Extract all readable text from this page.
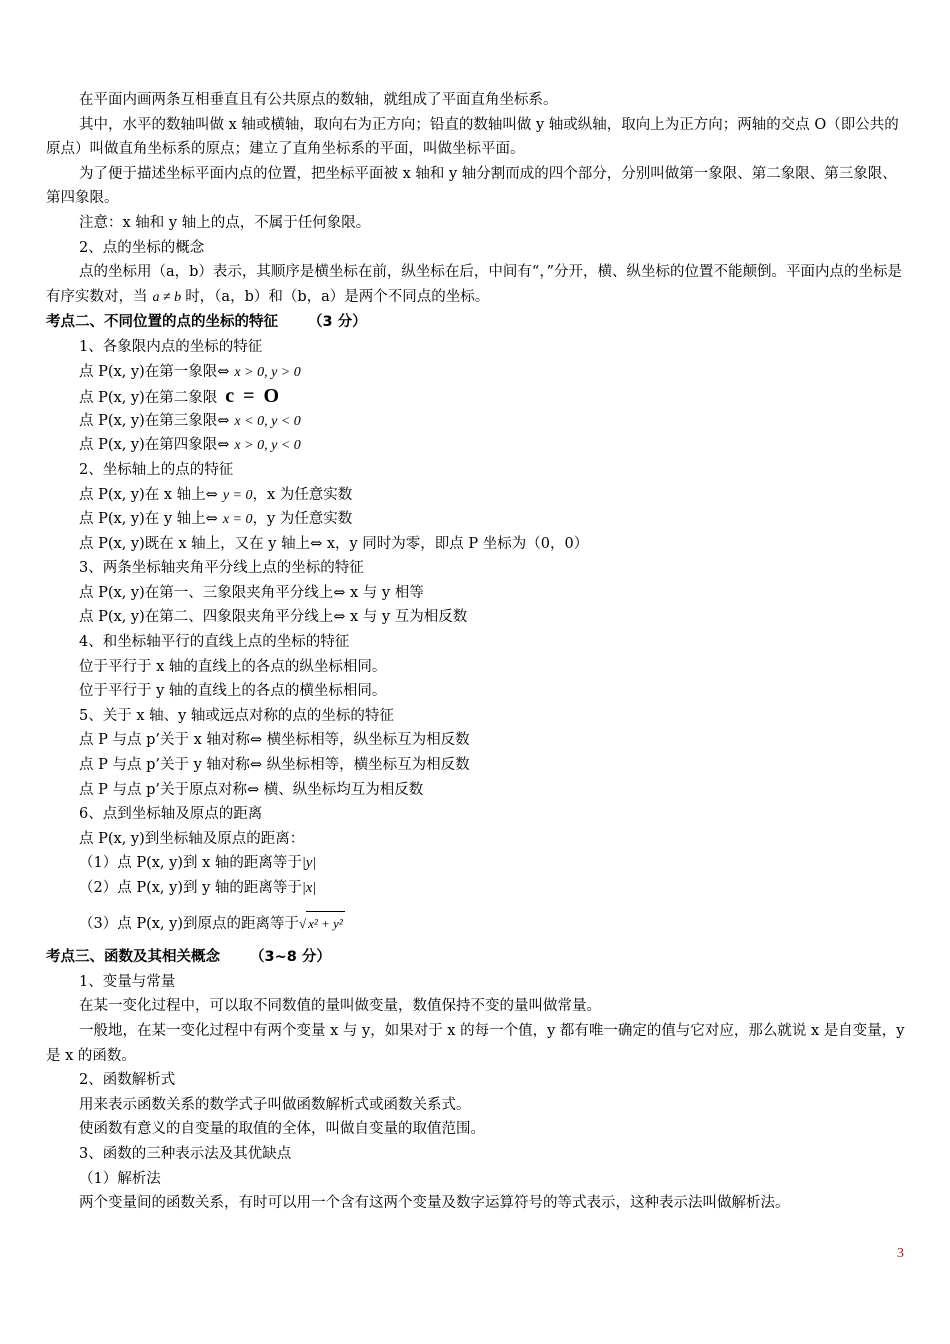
在平面内画两条互相垂直且有公共原点的数轴，就组成了平面直角坐标系。

其中，水平的数轴叫做 x 轴或横轴，取向右为正方向；铅直的数轴叫做 y 轴或纵轴，取向上为正方向；两轴的交点 O（即公共的原点）叫做直角坐标系的原点；建立了直角坐标系的平面，叫做坐标平面。

为了便于描述坐标平面内点的位置，把坐标平面被 x 轴和 y 轴分割而成的四个部分，分别叫做第一象限、第二象限、第三象限、第四象限。

注意：x 轴和 y 轴上的点，不属于任何象限。

2、点的坐标的概念

点的坐标用（a，b）表示，其顺序是横坐标在前，纵坐标在后，中间有“，”分开，横、纵坐标的位置不能颠倒。平面内点的坐标是有序实数对，当 a ≠ b 时，（a，b）和（b，a）是两个不同点的坐标。

考点二、不同位置的点的坐标的特征 （3 分）

1、各象限内点的坐标的特征

点 P(x, y)在第一象限⇔ x > 0, y > 0

点 P(x, y)在第二象限 c = O

点 P(x, y)在第三象限⇔ x < 0, y < 0

点 P(x, y)在第四象限⇔ x > 0, y < 0

2、坐标轴上的点的特征

点 P(x, y)在 x 轴上⇔ y = 0，x 为任意实数

点 P(x, y)在 y 轴上⇔ x = 0，y 为任意实数

点 P(x, y)既在 x 轴上，又在 y 轴上⇔ x，y 同时为零，即点 P 坐标为（0，0）

3、两条坐标轴夹角平分线上点的坐标的特征

点 P(x, y)在第一、三象限夹角平分线上⇔ x 与 y 相等

点 P(x, y)在第二、四象限夹角平分线上⇔ x 与 y 互为相反数

4、和坐标轴平行的直线上点的坐标的特征

位于平行于 x 轴的直线上的各点的纵坐标相同。

位于平行于 y 轴的直线上的各点的横坐标相同。

5、关于 x 轴、y 轴或远点对称的点的坐标的特征

点 P 与点 p’关于 x 轴对称⇔ 横坐标相等，纵坐标互为相反数

点 P 与点 p’关于 y 轴对称⇔ 纵坐标相等，横坐标互为相反数

点 P 与点 p’关于原点对称⇔ 横、纵坐标均互为相反数

6、点到坐标轴及原点的距离

点 P(x, y)到坐标轴及原点的距离：

（1）点 P(x, y)到 x 轴的距离等于|y|

（2）点 P(x, y)到 y 轴的距离等于|x|

（3）点 P(x, y)到原点的距离等于√ x² + y²

考点三、函数及其相关概念 （3~8 分）

1、变量与常量

在某一变化过程中，可以取不同数值的量叫做变量，数值保持不变的量叫做常量。

一般地，在某一变化过程中有两个变量 x 与 y，如果对于 x 的每一个值，y 都有唯一确定的值与它对应，那么就说 x 是自变量，y 是 x 的函数。

2、函数解析式

用来表示函数关系的数学式子叫做函数解析式或函数关系式。

使函数有意义的自变量的取值的全体，叫做自变量的取值范围。

3、函数的三种表示法及其优缺点

（1）解析法

两个变量间的函数关系，有时可以用一个含有这两个变量及数字运算符号的等式表示，这种表示法叫做解析法。

3
